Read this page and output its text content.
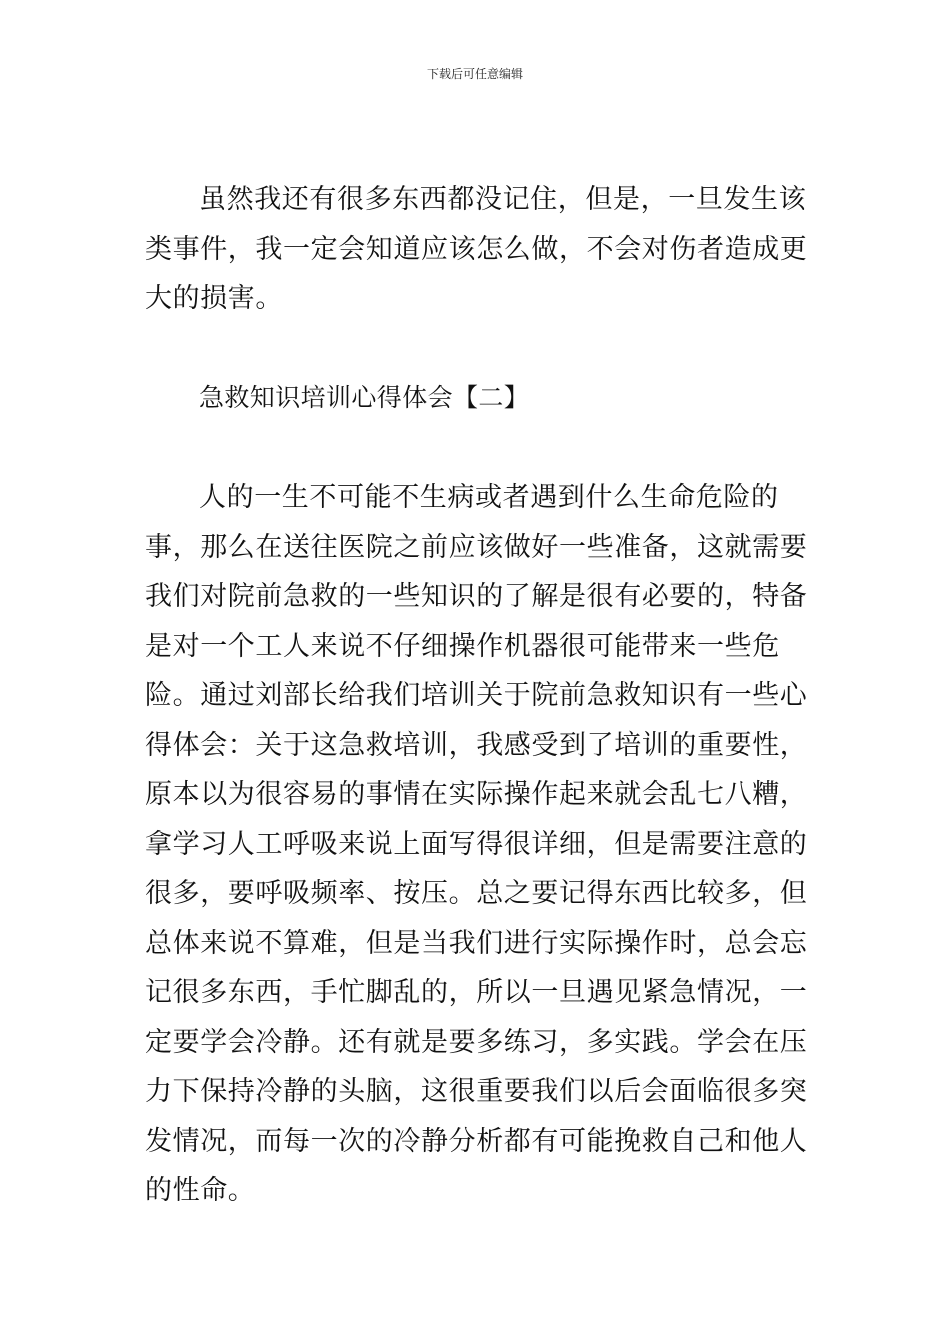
下载后可任意编辑

虽然我还有很多东西都没记住，但是，一旦发生该类事件，我一定会知道应该怎么做，不会对伤者造成更大的损害。

急救知识培训心得体会【二】

人的一生不可能不生病或者遇到什么生命危险的事，那么在送往医院之前应该做好一些准备，这就需要我们对院前急救的一些知识的了解是很有必要的，特备是对一个工人来说不仔细操作机器很可能带来一些危险。通过刘部长给我们培训关于院前急救知识有一些心得体会：关于这急救培训，我感受到了培训的重要性，原本以为很容易的事情在实际操作起来就会乱七八糟，拿学习人工呼吸来说上面写得很详细，但是需要注意的很多，要呼吸频率、按压。总之要记得东西比较多，但总体来说不算难，但是当我们进行实际操作时，总会忘记很多东西，手忙脚乱的，所以一旦遇见紧急情况，一定要学会冷静。还有就是要多练习，多实践。学会在压力下保持冷静的头脑，这很重要我们以后会面临很多突发情况，而每一次的冷静分析都有可能挽救自己和他人的性命。
